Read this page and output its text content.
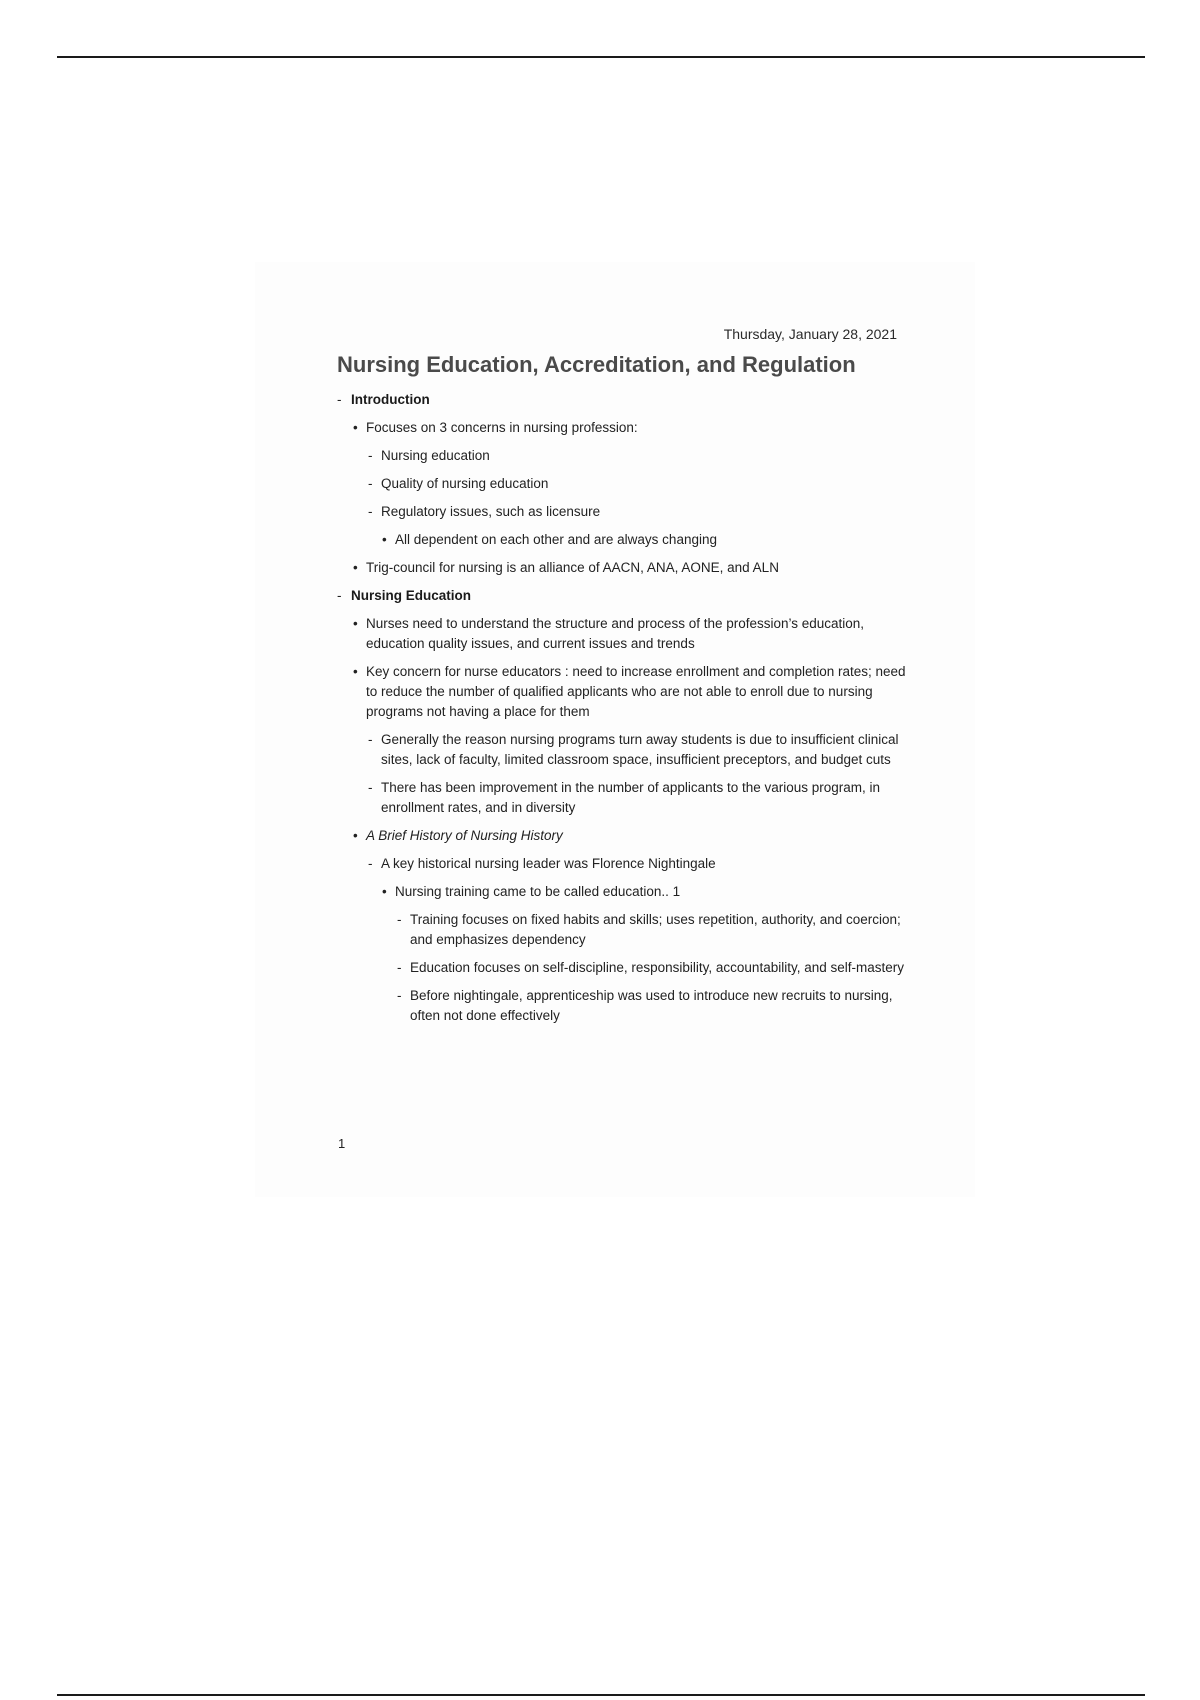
Thursday, January 28, 2021
Nursing Education, Accreditation, and Regulation
- Introduction
• Focuses on 3 concerns in nursing profession:
- Nursing education
- Quality of nursing education
- Regulatory issues, such as licensure
• All dependent on each other and are always changing
• Trig-council for nursing is an alliance of AACN, ANA, AONE, and ALN
- Nursing Education
• Nurses need to understand the structure and process of the profession’s education, education quality issues, and current issues and trends
• Key concern for nurse educators : need to increase enrollment and completion rates; need to reduce the number of qualified applicants who are not able to enroll due to nursing programs not having a place for them
- Generally the reason nursing programs turn away students is due to insufficient clinical sites, lack of faculty, limited classroom space, insufficient preceptors, and budget cuts
- There has been improvement in the number of applicants to the various program, in enrollment rates, and in diversity
• A Brief History of Nursing History
- A key historical nursing leader was Florence Nightingale
• Nursing training came to be called education.. 1
- Training focuses on fixed habits and skills; uses repetition, authority, and coercion; and emphasizes dependency
- Education focuses on self-discipline, responsibility, accountability, and self-mastery
- Before nightingale, apprenticeship was used to introduce new recruits to nursing, often not done effectively
1
